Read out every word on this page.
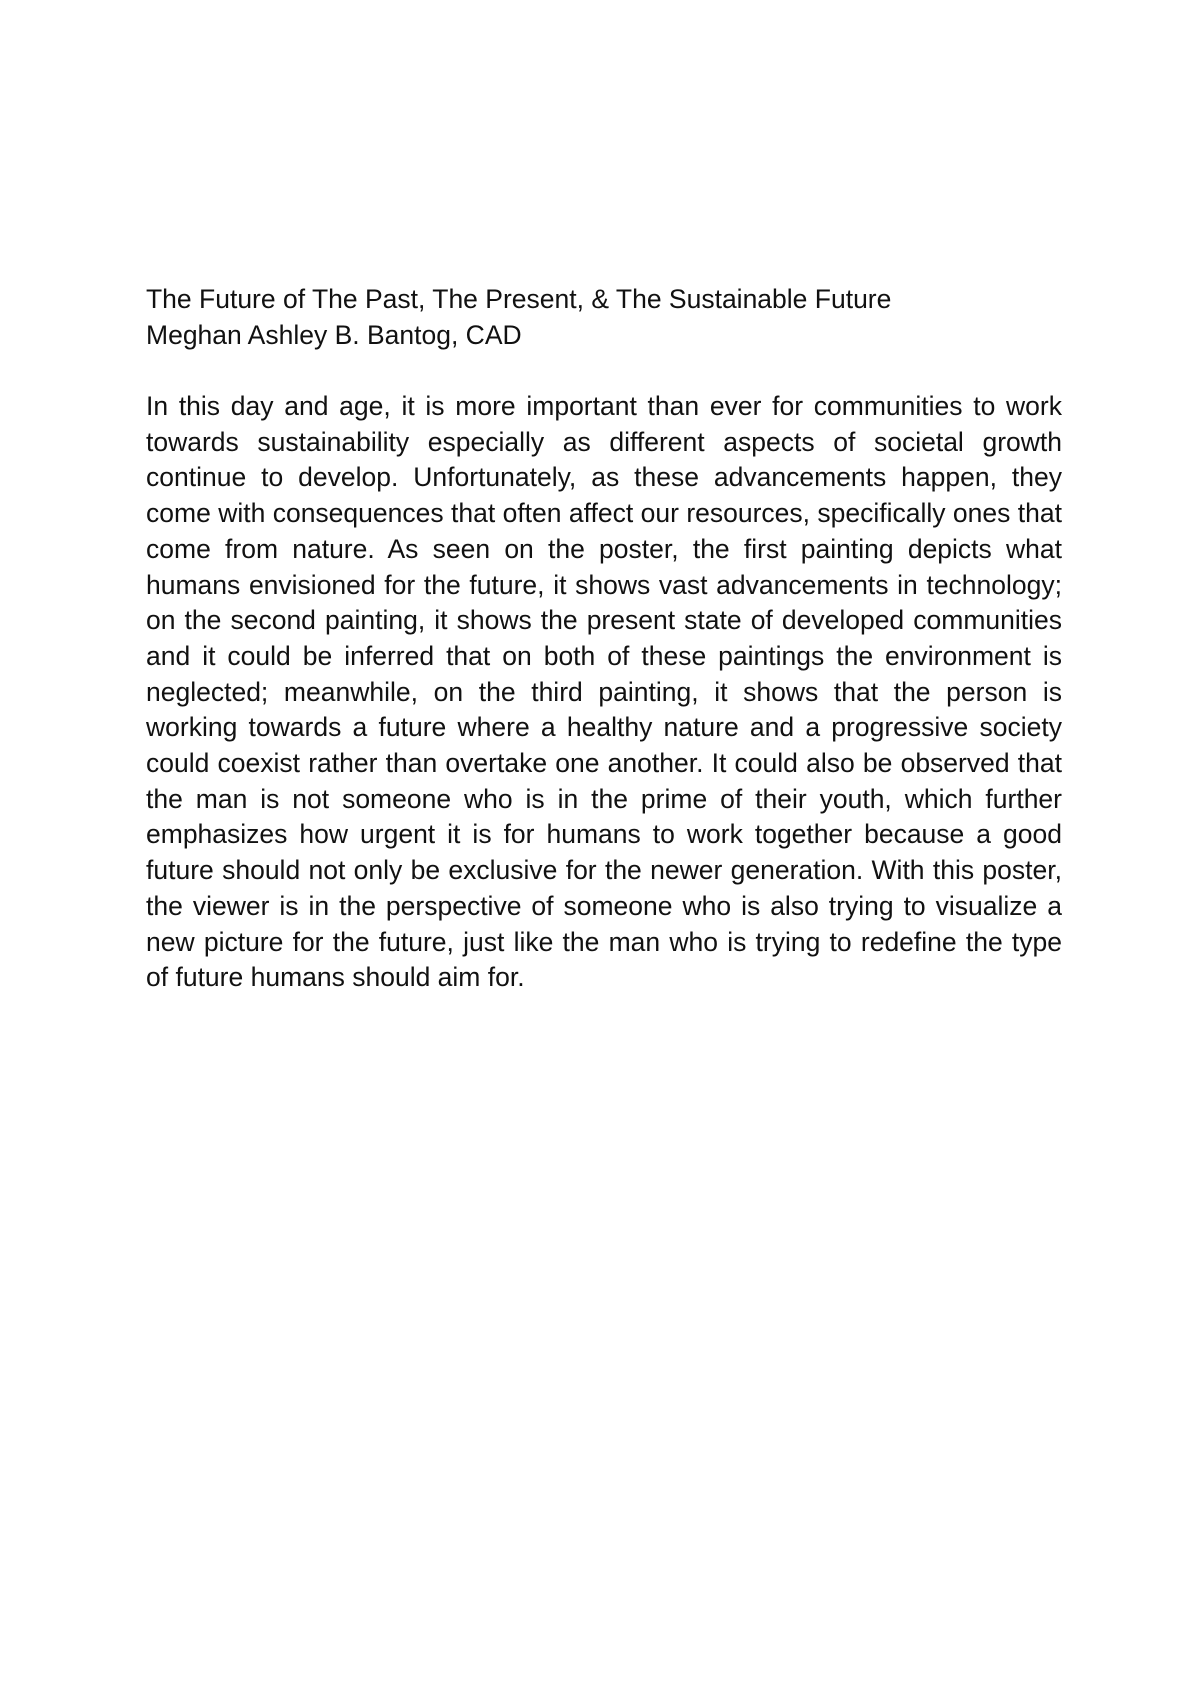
The Future of The Past, The Present, & The Sustainable Future

Meghan Ashley B. Bantog, CAD

In this day and age, it is more important than ever for communities to work towards sustainability especially as different aspects of societal growth continue to develop. Unfortunately, as these advancements happen, they come with consequences that often affect our resources, specifically ones that come from nature. As seen on the poster, the first painting depicts what humans envisioned for the future, it shows vast advancements in technology; on the second painting, it shows the present state of developed communities and it could be inferred that on both of these paintings the environment is neglected; meanwhile, on the third painting, it shows that the person is working towards a future where a healthy nature and a progressive society could coexist rather than overtake one another. It could also be observed that the man is not someone who is in the prime of their youth, which further emphasizes how urgent it is for humans to work together because a good future should not only be exclusive for the newer generation. With this poster, the viewer is in the perspective of someone who is also trying to visualize a new picture for the future, just like the man who is trying to redefine the type of future humans should aim for.
